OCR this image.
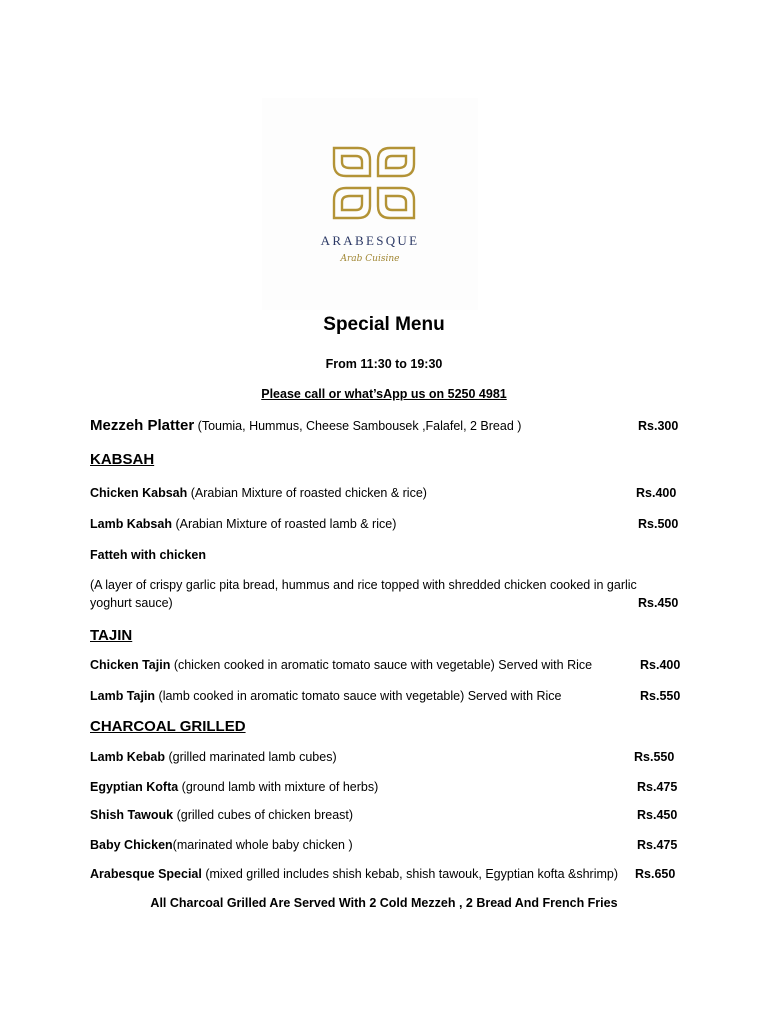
ARABESQUE
Arab Cuisine
Special Menu
From 11:30 to 19:30
Please call or what’sApp us on 5250 4981
Mezzeh Platter (Toumia, Hummus, Cheese Sambousek ,Falafel, 2 Bread )	Rs.300
KABSAH
Chicken Kabsah (Arabian Mixture of roasted chicken & rice)	Rs.400
Lamb Kabsah (Arabian Mixture of roasted lamb & rice)	Rs.500
Fatteh with chicken
(A layer of crispy garlic pita bread, hummus and rice topped with shredded chicken cooked in garlic
yoghurt sauce)	Rs.450
TAJIN
Chicken Tajin (chicken cooked in aromatic tomato sauce with vegetable) Served with Rice	Rs.400
Lamb Tajin (lamb cooked in aromatic tomato sauce with vegetable) Served with Rice	Rs.550
CHARCOAL GRILLED
Lamb Kebab (grilled marinated lamb cubes)	Rs.550
Egyptian Kofta (ground lamb with mixture of herbs)	Rs.475
Shish Tawouk (grilled cubes of chicken breast)	Rs.450
Baby Chicken(marinated whole baby chicken )	Rs.475
Arabesque Special (mixed grilled includes shish kebab, shish tawouk, Egyptian kofta &shrimp) Rs.650
All Charcoal Grilled Are Served With 2 Cold Mezzeh , 2 Bread And French Fries
